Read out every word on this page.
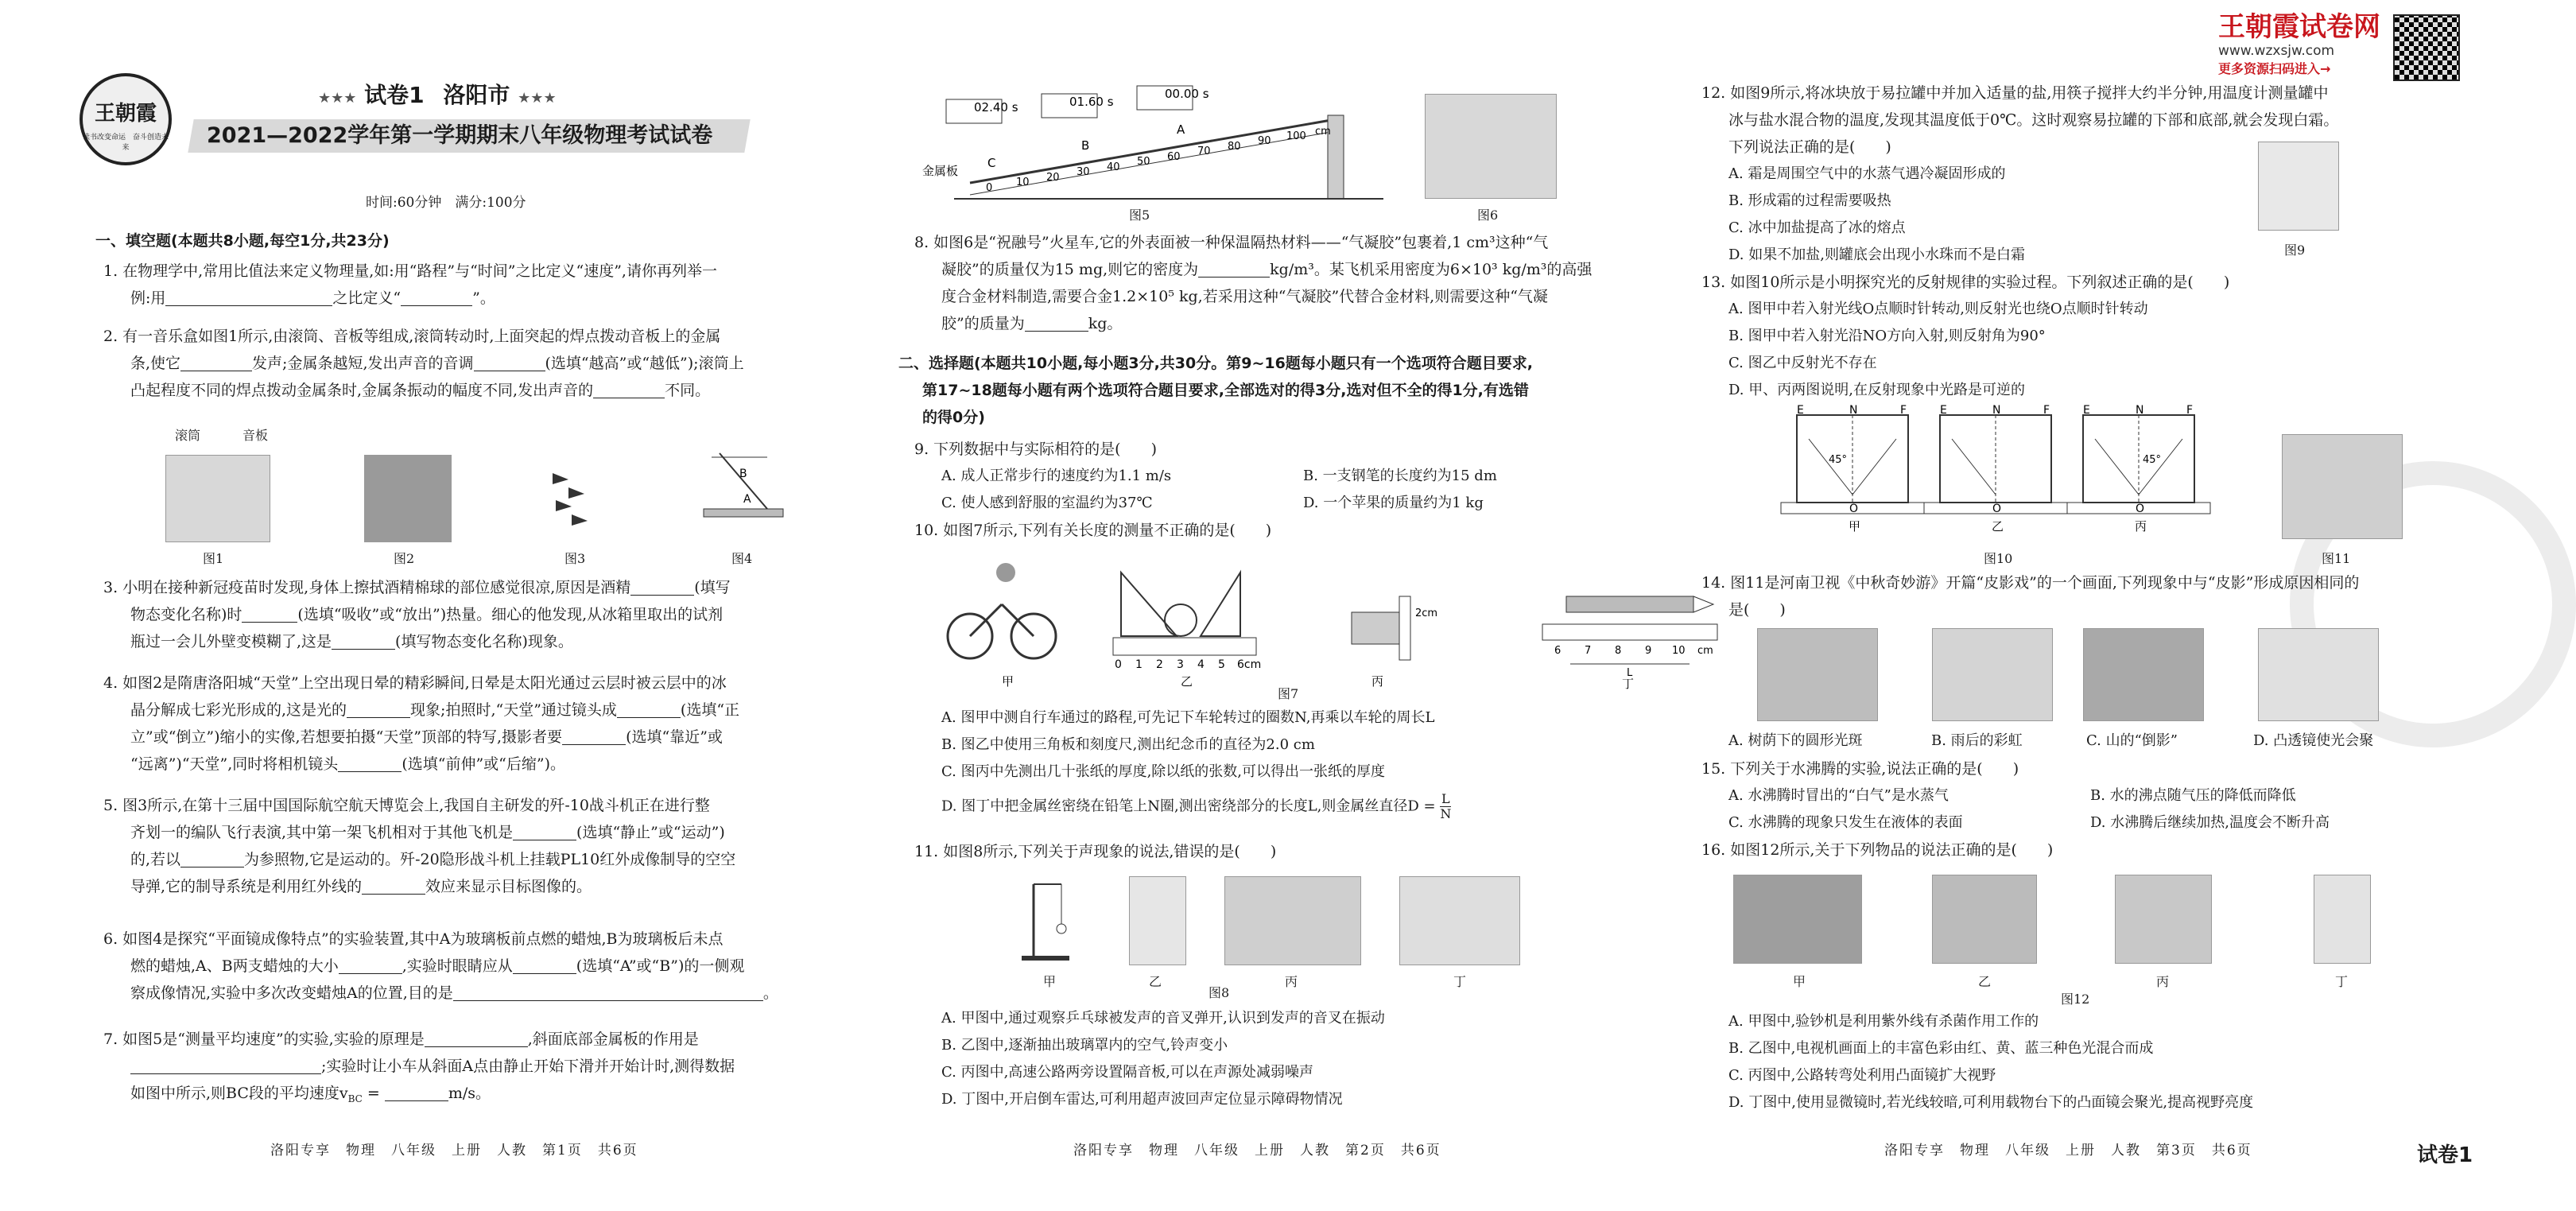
王朝霞
读书改变命运　奋斗创造未来
★★★ 试卷1 洛阳市 ★★★
2021—2022学年第一学期期末八年级物理考试试卷
时间:60分钟　满分:100分
王朝霞试卷网
www.wzxsjw.com
更多资源扫码进入→
一、填空题(本题共8小题,每空1分,共23分)
1. 在物理学中,常用比值法来定义物理量,如:用“路程”与“时间”之比定义“速度”,请你再列举一
例:用	之比定义“	”。
2. 有一音乐盒如图1所示,由滚筒、音板等组成,滚筒转动时,上面突起的焊点拨动音板上的金属
条,使它	发声;金属条越短,发出声音的音调	(选填“越高”或“越低”);滚筒上
凸起程度不同的焊点拨动金属条时,金属条振动的幅度不同,发出声音的	不同。
滚筒	音板
B
A
图1	图2	图3	图4
3. 小明在接种新冠疫苗时发现,身体上擦拭酒精棉球的部位感觉很凉,原因是酒精	(填写
物态变化名称)时	(选填“吸收”或“放出”)热量。细心的他发现,从冰箱里取出的试剂
瓶过一会儿外壁变模糊了,这是	(填写物态变化名称)现象。
4. 如图2是隋唐洛阳城“天堂”上空出现日晕的精彩瞬间,日晕是太阳光通过云层时被云层中的冰
晶分解成七彩光形成的,这是光的	现象;拍照时,“天堂”通过镜头成	(选填“正
立”或“倒立”)缩小的实像,若想要拍摄“天堂”顶部的特写,摄影者要	(选填“靠近”或
“远离”)“天堂”,同时将相机镜头	(选填“前伸”或“后缩”)。
5. 图3所示,在第十三届中国国际航空航天博览会上,我国自主研发的歼-10战斗机正在进行整
齐划一的编队飞行表演,其中第一架飞机相对于其他飞机是	(选填“静止”或“运动”)
的,若以	为参照物,它是运动的。歼-20隐形战斗机上挂载PL10红外成像制导的空空
导弹,它的制导系统是利用红外线的	效应来显示目标图像的。
6. 如图4是探究“平面镜成像特点”的实验装置,其中A为玻璃板前点燃的蜡烛,B为玻璃板后未点
燃的蜡烛,A、B两支蜡烛的大小	,实验时眼睛应从	(选填“A”或“B”)的一侧观
察成像情况,实验中多次改变蜡烛A的位置,目的是	。
7. 如图5是“测量平均速度”的实验,实验的原理是	,斜面底部金属板的作用是
;实验时让小车从斜面A点由静止开始下滑并开始计时,测得数据
如图中所示,则BC段的平均速度$v_{BC}$ =	m/s。
洛阳专享　物理　八年级　上册　人教　第1页　共6页
02.40 s	01.60 s
00.00 s
金属板
A
B
C
0 10 20 30 40 50 60 70 80 90 100 cm
图5	图6
8. 如图6是“祝融号”火星车,它的外表面被一种保温隔热材料——“气凝胶”包裹着,1 cm³这种“气
凝胶”的质量仅为15 mg,则它的密度为	kg/m³。某飞机采用密度为6×10³ kg/m³的高强
度合金材料制造,需要合金1.2×10⁵ kg,若采用这种“气凝胶”代替合金材料,则需要这种“气凝
胶”的质量为	kg。
二、选择题(本题共10小题,每小题3分,共30分。第9~16题每小题只有一个选项符合题目要求,
第17~18题每小题有两个选项符合题目要求,全部选对的得3分,选对但不全的得1分,有选错
的得0分)
9. 下列数据中与实际相符的是(　　)
A. 成人正常步行的速度约为1.1 m/s	B. 一支钢笔的长度约为15 dm
C. 使人感到舒服的室温约为37℃	D. 一个苹果的质量约为1 kg
10. 如图7所示,下列有关长度的测量不正确的是(　　)
0 1 2 3 4 5 6cm
2cm
6 7 8 9 10 cm
L
甲	乙	丙	丁
图7
A. 图甲中测自行车通过的路程,可先记下车轮转过的圈数N,再乘以车轮的周长L
B. 图乙中使用三角板和刻度尺,测出纪念币的直径为2.0 cm
C. 图丙中先测出几十张纸的厚度,除以纸的张数,可以得出一张纸的厚度
D. 图丁中把金属丝密绕在铅笔上N圈,测出密绕部分的长度L,则金属丝直径$D = \frac{L}{N}$
11. 如图8所示,下列关于声现象的说法,错误的是(　　)
甲	乙	丙	丁
图8
A. 甲图中,通过观察乒乓球被发声的音叉弹开,认识到发声的音叉在振动
B. 乙图中,逐渐抽出玻璃罩内的空气,铃声变小
C. 丙图中,高速公路两旁设置隔音板,可以在声源处减弱噪声
D. 丁图中,开启倒车雷达,可利用超声波回声定位显示障碍物情况
洛阳专享　物理　八年级　上册　人教　第2页　共6页
12. 如图9所示,将冰块放于易拉罐中并加入适量的盐,用筷子搅拌大约半分钟,用温度计测量罐中
冰与盐水混合物的温度,发现其温度低于0℃。这时观察易拉罐的下部和底部,就会发现白霜。
下列说法正确的是(　　)
A. 霜是周围空气中的水蒸气遇冷凝固形成的
B. 形成霜的过程需要吸热
C. 冰中加盐提高了冰的熔点
D. 如果不加盐,则罐底会出现小水珠而不是白霜	图9
13. 如图10所示是小明探究光的反射规律的实验过程。下列叙述正确的是(　　)
A. 图甲中若入射光线O点顺时针转动,则反射光也绕O点顺时针转动
B. 图甲中若入射光沿NO方向入射,则反射角为90°
C. 图乙中反射光不存在
D. 甲、丙两图说明,在反射现象中光路是可逆的
E	N	F
O
45°
E	N	F
O
E	N	F
O
45°
甲	乙	丙
图10	图11
14. 图11是河南卫视《中秋奇妙游》开篇“皮影戏”的一个画面,下列现象中与“皮影”形成原因相同的
是(　　)
A. 树荫下的圆形光斑	B. 雨后的彩虹	C. 山的“倒影”	D. 凸透镜使光会聚
15. 下列关于水沸腾的实验,说法正确的是(　　)
A. 水沸腾时冒出的“白气”是水蒸气	B. 水的沸点随气压的降低而降低
C. 水沸腾的现象只发生在液体的表面	D. 水沸腾后继续加热,温度会不断升高
16. 如图12所示,关于下列物品的说法正确的是(　　)
甲	乙	丙	丁
图12
A. 甲图中,验钞机是利用紫外线有杀菌作用工作的
B. 乙图中,电视机画面上的丰富色彩由红、黄、蓝三种色光混合而成
C. 丙图中,公路转弯处利用凸面镜扩大视野
D. 丁图中,使用显微镜时,若光线较暗,可利用载物台下的凸面镜会聚光,提高视野亮度
洛阳专享　物理　八年级　上册　人教　第3页　共6页	试卷1
